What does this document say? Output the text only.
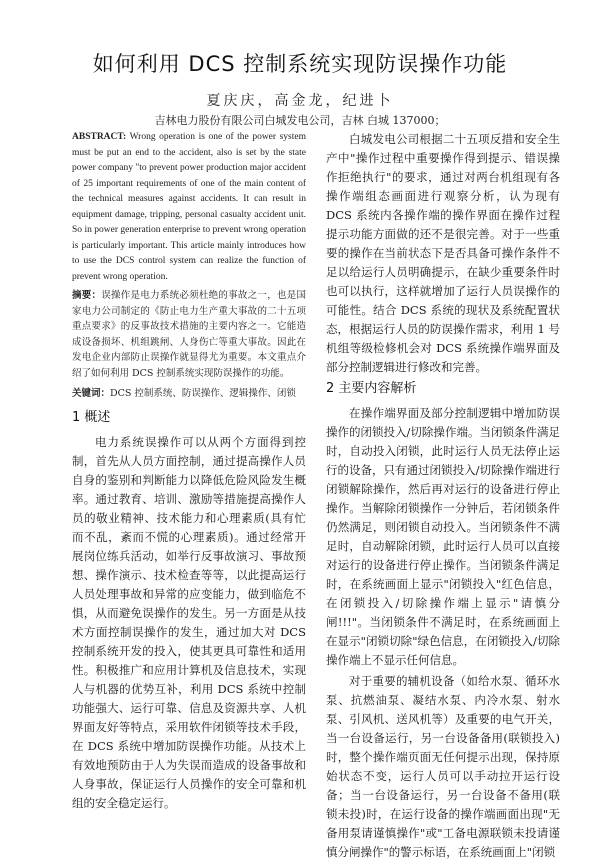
如何利用 DCS 控制系统实现防误操作功能
夏庆庆，高金龙，纪进卜
吉林电力股份有限公司白城发电公司，吉林 白城 137000；

ABSTRACT: Wrong operation is one of the power system must be put an end to the accident, also is set by the state power company "to prevent power production major accident of 25 important requirements of one of the main content of the technical measures against accidents. It can result in equipment damage, tripping, personal casualty accident unit. So in power generation enterprise to prevent wrong operation is particularly important. This article mainly introduces how to use the DCS control system can realize the function of prevent wrong operation.

摘要：误操作是电力系统必须杜绝的事故之一，也是国家电力公司制定的《防止电力生产重大事故的二十五项重点要求》的反事故技术措施的主要内容之一。它能造成设备损坏、机组跳闸、人身伤亡等重大事故。因此在发电企业内部防止误操作就显得尤为重要。本文重点介绍了如何利用 DCS 控制系统实现防误操作的功能。

关键词：DCS 控制系统、防误操作、逻辑操作、闭锁

1 概述

电力系统误操作可以从两个方面得到控制，首先从人员方面控制，通过提高操作人员自身的鉴别和判断能力以降低危险风险发生概率。通过教育、培训、激励等措施提高操作人员的敬业精神、技术能力和心理素质(具有忙而不乱，紊而不慌的心理素质)。通过经常开展岗位练兵活动，如举行反事故演习、事故预想、操作演示、技术检查等等，以此提高运行人员处理事故和异常的应变能力，做到临危不惧，从而避免误操作的发生。另一方面是从技术方面控制误操作的发生，通过加大对 DCS 控制系统开发的投入，使其更具可靠性和适用性。积极推广和应用计算机及信息技术，实现人与机器的优势互补，利用 DCS 系统中控制功能强大、运行可靠、信息及资源共享、人机界面友好等特点，采用软件闭锁等技术手段，在 DCS 系统中增加防误操作功能。从技术上有效地预防由于人为失误而造成的设备事故和人身事故，保证运行人员操作的安全可靠和机组的安全稳定运行。

白城发电公司根据二十五项反措和安全生产中"操作过程中重要操作得到提示、错误操作拒绝执行"的要求，通过对两台机组现有各操作端组态画面进行观察分析，认为现有 DCS 系统内各操作端的操作界面在操作过程提示功能方面做的还不是很完善。对于一些重要的操作在当前状态下是否具备可操作条件不足以给运行人员明确提示，在缺少重要条件时也可以执行，这样就增加了运行人员误操作的可能性。结合 DCS 系统的现状及系统配置状态，根据运行人员的防误操作需求，利用 1 号机组等级检修机会对 DCS 系统操作端界面及部分控制逻辑进行修改和完善。

2 主要内容解析

在操作端界面及部分控制逻辑中增加防误操作的闭锁投入/切除操作端。当闭锁条件满足时，自动投入闭锁，此时运行人员无法停止运行的设备，只有通过闭锁投入/切除操作端进行闭锁解除操作，然后再对运行的设备进行停止操作。当解除闭锁操作一分钟后，若闭锁条件仍然满足，则闭锁自动投入。当闭锁条件不满足时，自动解除闭锁，此时运行人员可以直接对运行的设备进行停止操作。当闭锁条件满足时，在系统画面上显示"闭锁投入"红色信息，在闭锁投入/切除操作端上显示"请慎分闸!!!"。当闭锁条件不满足时，在系统画面上在显示"闭锁切除"绿色信息，在闭锁投入/切除操作端上不显示任何信息。

对于重要的辅机设备（如给水泵、循环水泵、抗燃油泵、凝结水泵、内冷水泵、射水泵、引风机、送风机等）及重要的电气开关，当一台设备运行，另一台设备备用(联锁投入)时，整个操作端页面无任何提示出现，保持原始状态不变，运行人员可以手动拉开运行设备；当一台设备运行，另一台设备不备用(联锁未投)时，在运行设备的操作端画面出现"无备用泵请谨慎操作"或"工备电源联锁未投请谨慎分闸操作"的警示标语，在系统画面上"闭锁
